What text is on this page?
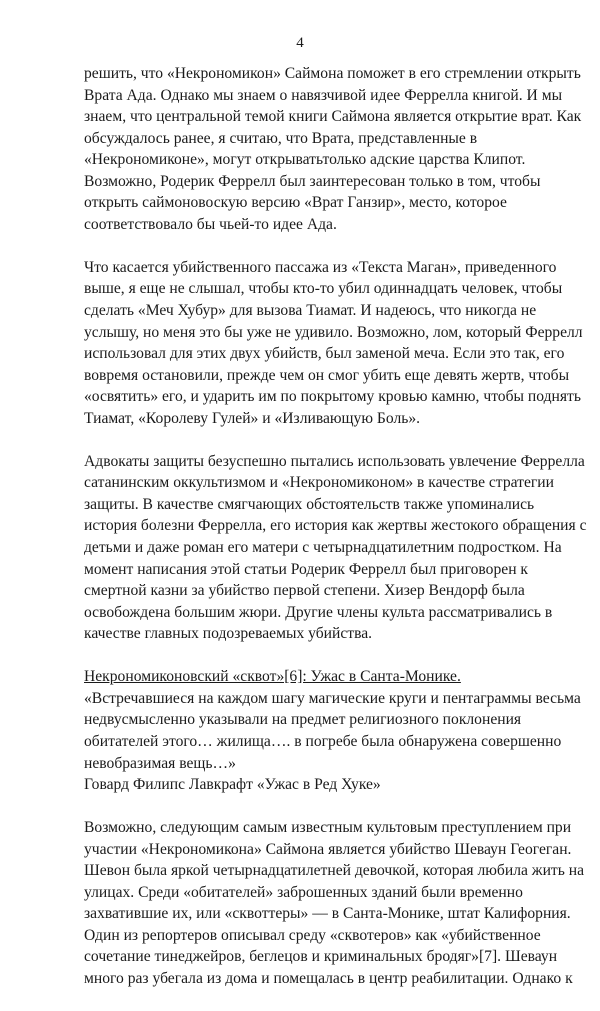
4

решить, что «Некрономикон» Саймона поможет в его стремлении открыть
Врата Ада. Однако мы знаем о навязчивой идее Феррелла книгой. И мы
знаем, что центральной темой книги Саймона является открытие врат. Как
обсуждалось ранее, я считаю, что Врата, представленные в
«Некрономиконе», могут открыватьтолько адские царства Клипот.
Возможно, Родерик Феррелл был заинтересован только в том, чтобы
открыть саймоновоскую версию «Врат Ганзир», место, которое
соответствовало бы чьей-то идее Ада.

Что касается убийственного пассажа из «Текста Маган», приведенного
выше, я еще не слышал, чтобы кто-то убил одиннадцать человек, чтобы
сделать «Меч Хубур» для вызова Тиамат. И надеюсь, что никогда не
услышу, но меня это бы уже не удивило. Возможно, лом, который Феррелл
использовал для этих двух убийств, был заменой меча. Если это так, его
вовремя остановили, прежде чем он смог убить еще девять жертв, чтобы
«освятить» его, и ударить им по покрытому кровью камню, чтобы поднять
Тиамат, «Королеву Гулей» и «Изливающую Боль».

Адвокаты защиты безуспешно пытались использовать увлечение Феррелла
сатанинским оккультизмом и «Некрономиконом» в качестве стратегии
защиты. В качестве смягчающих обстоятельств также упоминались
история болезни Феррелла, его история как жертвы жестокого обращения с
детьми и даже роман его матери с четырнадцатилетним подростком. На
момент написания этой статьи Родерик Феррелл был приговорен к
смертной казни за убийство первой степени. Хизер Вендорф была
освобождена большим жюри. Другие члены культа рассматривались в
качестве главных подозреваемых убийства.

Некрономиконовский «сквот»[6]: Ужас в Санта-Монике.
«Встречавшиеся на каждом шагу магические круги и пентаграммы весьма
недвусмысленно указывали на предмет религиозного поклонения
обитателей этого… жилища…. в погребе была обнаружена совершенно
невобразимая вещь…»
Говард Филипс Лавкрафт «Ужас в Ред Хуке»

Возможно, следующим самым известным культовым преступлением при
участии «Некрономикона» Саймона является убийство Шеваун Геогеган.
Шевон была яркой четырнадцатилетней девочкой, которая любила жить на
улицах. Среди «обитателей» заброшенных зданий были временно
захватившие их, или «сквоттеры» — в Санта-Монике, штат Калифорния.
Один из репортеров описывал среду «сквотеров» как «убийственное
сочетание тинеджейров, беглецов и криминальных бродяг»[7]. Шеваун
много раз убегала из дома и помещалась в центр реабилитации. Однако к
